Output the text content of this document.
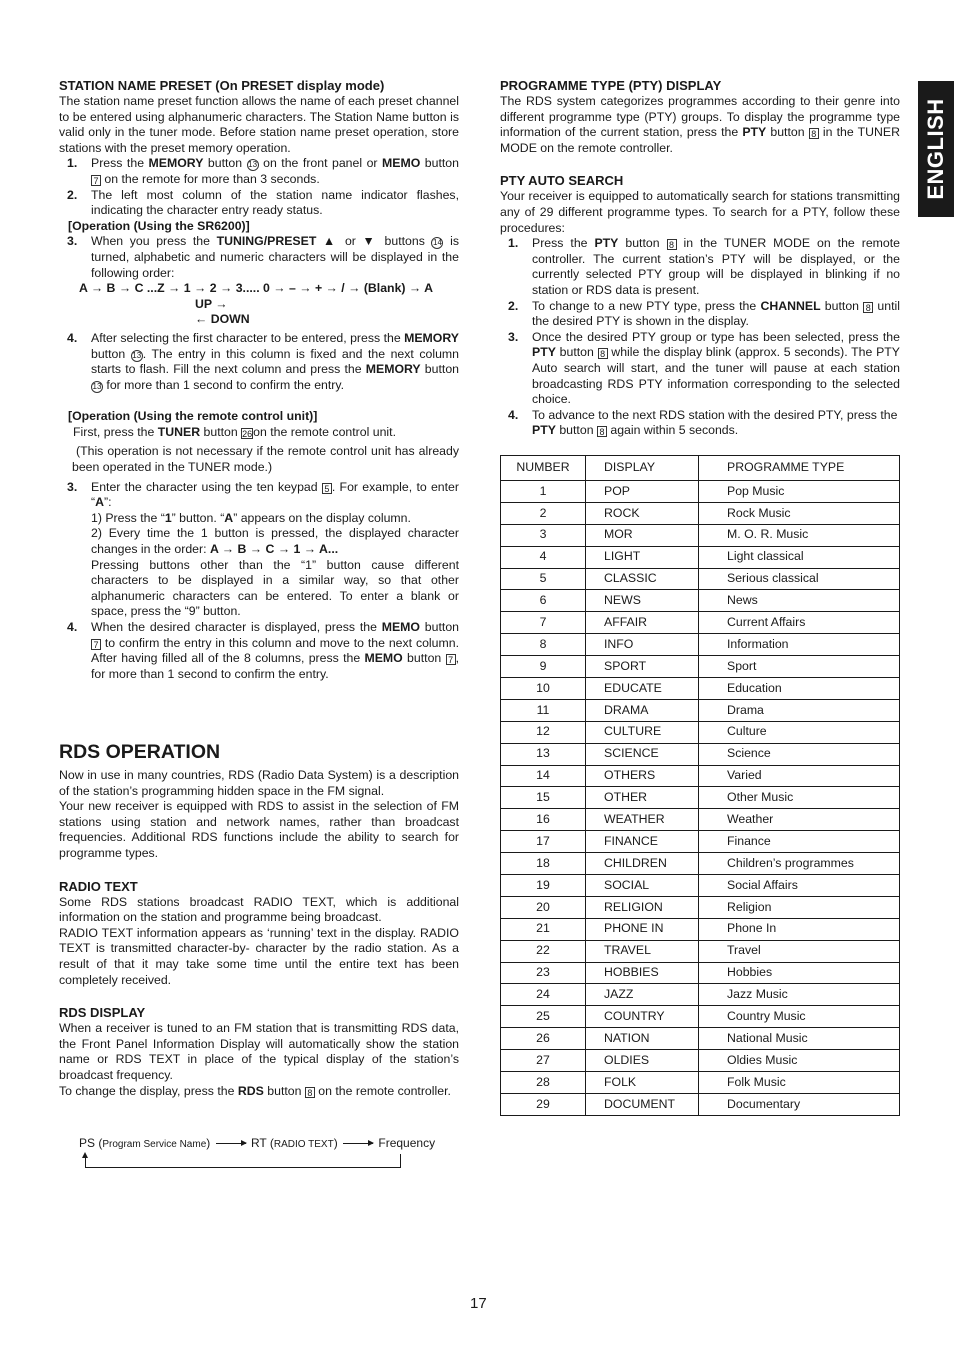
ENGLISH
STATION NAME PRESET (On PRESET display mode)

The station name preset function allows the name of each preset channel to be entered using alphanumeric characters. The Station Name button is valid only in the tuner mode. Before station name preset operation, store stations with the preset memory operation.

1. Press the MEMORY button 13 on the front panel or MEMO button 7 on the remote for more than 3 seconds.

2. The left most column of the station name indicator flashes, indicating the character entry ready status.

[Operation (Using the SR6200)]

3. When you press the TUNING/PRESET ▲ or ▼ buttons 14 is turned, alphabetic and numeric characters will be displayed in the following order:

A → B → C ...Z → 1 → 2 → 3..... 0 → – → + → / → (Blank) → A

UP →

← DOWN

4. After selecting the first character to be entered, press the MEMORY button 13 . The entry in this column is fixed and the next column starts to flash. Fill the next column and press the MEMORY button 13 for more than 1 second to confirm the entry.

[Operation (Using the remote control unit)]

First, press the TUNER button 26on the remote control unit.

(This operation is not necessary if the remote control unit has already been operated in the TUNER mode.)

3. Enter the character using the ten keypad 5 . For example, to enter “A”:

1) Press the “1” button. “A” appears on the display column.

2) Every time the 1 button is pressed, the displayed character changes in the order: A → B → C → 1 → A...

Pressing buttons other than the “1” button cause different characters to be displayed in a similar way, so that other alphanumeric characters can be entered. To enter a blank or space, press the “9” button.

4. When the desired character is displayed, press the MEMO button 7 to confirm the entry in this column and move to the next column. After having filled all of the 8 columns, press the MEMO button 7 , for more than 1 second to confirm the entry.

RDS OPERATION

Now in use in many countries, RDS (Radio Data System) is a description of the station’s programming hidden space in the FM signal.

Your new receiver is equipped with RDS to assist in the selection of FM stations using station and network names, rather than broadcast frequencies. Additional RDS functions include the ability to search for programme types.

RADIO TEXT

Some RDS stations broadcast RADIO TEXT, which is additional information on the station and programme being broadcast.

RADIO TEXT information appears as ‘running’ text in the display. RADIO TEXT is transmitted character-by- character by the radio station. As a result of that it may take some time until the entire text has been completely received.

RDS DISPLAY

When a receiver is tuned to an FM station that is transmitting RDS data, the Front Panel Information Display will automatically show the station name or RDS TEXT in place of the typical display of the station’s broadcast frequency.

To change the display, press the RDS button 8 on the remote controller.

PS (Program Service Name)	RT (RADIO TEXT)	Frequency
PROGRAMME TYPE (PTY) DISPLAY

The RDS system categorizes programmes according to their genre into different programme type (PTY) groups. To display the programme type information of the current station, press the PTY button 8 in the TUNER MODE on the remote controller.

PTY AUTO SEARCH

Your receiver is equipped to automatically search for stations transmitting any of 29 different programme types. To search for a PTY, follow these procedures:

1. Press the PTY button 8 in the TUNER MODE on the remote controller. The current station’s PTY will be displayed, or the currently selected PTY group will be displayed in blinking if no station or RDS data is present.

2. To change to a new PTY type, press the CHANNEL button 8 until the desired PTY is shown in the display.

3. Once the desired PTY group or type has been selected, press the PTY button 8 while the display blink (approx. 5 seconds). The PTY Auto search will start, and the tuner will pause at each station broadcasting RDS PTY information corresponding to the selected choice.

4. To advance to the next RDS station with the desired PTY, press the PTY button 8 again within 5 seconds.

NUMBER	DISPLAY	PROGRAMME TYPE
1	POP	Pop Music
2	ROCK	Rock Music
3	MOR	M. O. R. Music
4	LIGHT	Light classical
5	CLASSIC	Serious classical
6	NEWS	News
7	AFFAIR	Current Affairs
8	INFO	Information
9	SPORT	Sport
10	EDUCATE	Education
11	DRAMA	Drama
12	CULTURE	Culture
13	SCIENCE	Science
14	OTHERS	Varied
15	OTHER	Other Music
16	WEATHER	Weather
17	FINANCE	Finance
18	CHILDREN	Children’s programmes
19	SOCIAL	Social Affairs
20	RELIGION	Religion
21	PHONE IN	Phone In
22	TRAVEL	Travel
23	HOBBIES	Hobbies
24	JAZZ	Jazz Music
25	COUNTRY	Country Music
26	NATION	National Music
27	OLDIES	Oldies Music
28	FOLK	Folk Music
29	DOCUMENT	Documentary
17
